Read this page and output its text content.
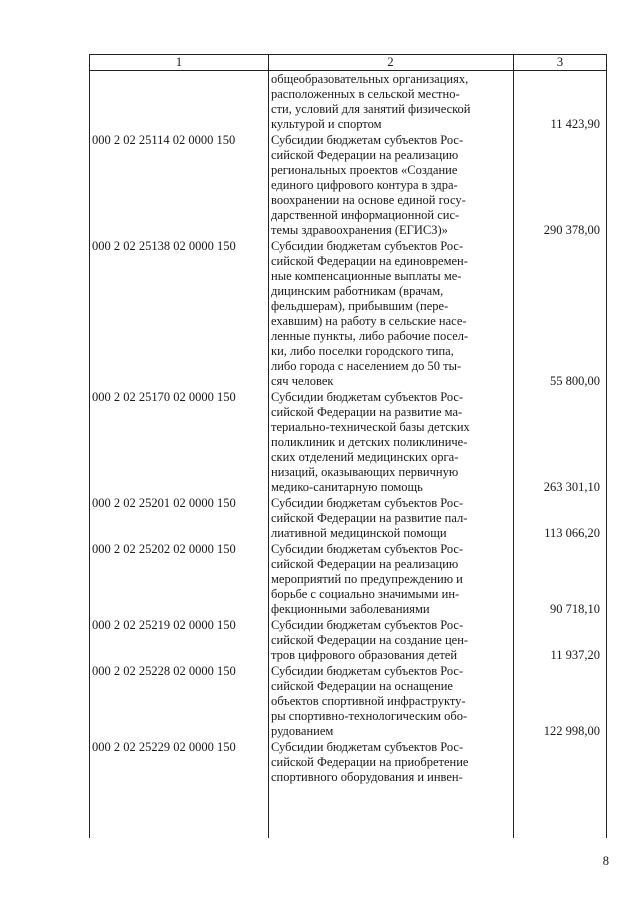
1	2	3
общеобразовательных организациях,
расположенных в сельской местно-
сти, условий для занятий физической
культурой и спортом	11 423,90
000 2 02 25114 02 0000 150	Субсидии бюджетам субъектов Рос-
сийской Федерации на реализацию
региональных проектов «Создание
единого цифрового контура в здра-
воохранении на основе единой госу-
дарственной информационной сис-
темы здравоохранения (ЕГИСЗ)»	290 378,00
000 2 02 25138 02 0000 150	Субсидии бюджетам субъектов Рос-
сийской Федерации на единовремен-
ные компенсационные выплаты ме-
дицинским работникам (врачам,
фельдшерам), прибывшим (пере-
ехавшим) на работу в сельские насе-
ленные пункты, либо рабочие посел-
ки, либо поселки городского типа,
либо города с населением до 50 ты-
сяч человек	55 800,00
000 2 02 25170 02 0000 150	Субсидии бюджетам субъектов Рос-
сийской Федерации на развитие ма-
териально-технической базы детских
поликлиник и детских поликлиниче-
ских отделений медицинских орга-
низаций, оказывающих первичную
медико-санитарную помощь	263 301,10
000 2 02 25201 02 0000 150	Субсидии бюджетам субъектов Рос-
сийской Федерации на развитие пал-
лиативной медицинской помощи	113 066,20
000 2 02 25202 02 0000 150	Субсидии бюджетам субъектов Рос-
сийской Федерации на реализацию
мероприятий по предупреждению и
борьбе с социально значимыми ин-
фекционными заболеваниями	90 718,10
000 2 02 25219 02 0000 150	Субсидии бюджетам субъектов Рос-
сийской Федерации на создание цен-
тров цифрового образования детей	11 937,20
000 2 02 25228 02 0000 150	Субсидии бюджетам субъектов Рос-
сийской Федерации на оснащение
объектов спортивной инфраструкту-
ры спортивно-технологическим обо-
рудованием	122 998,00
000 2 02 25229 02 0000 150	Субсидии бюджетам субъектов Рос-
сийской Федерации на приобретение
спортивного оборудования и инвен-
8
